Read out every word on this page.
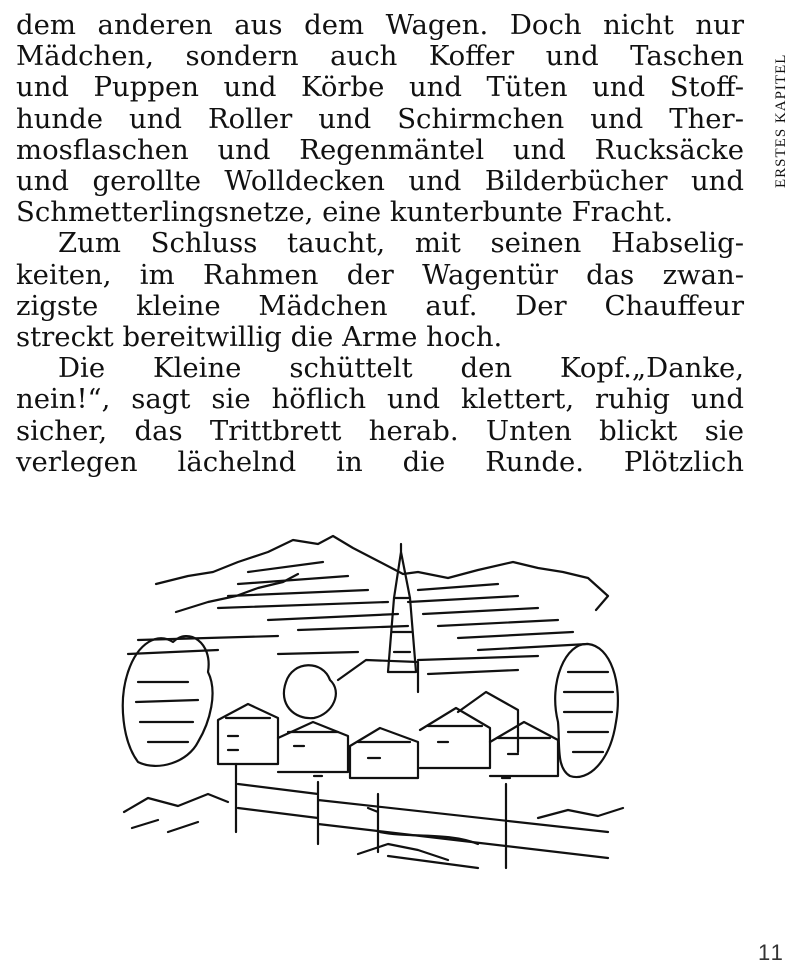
dem anderen aus dem Wagen. Doch nicht nur
Mädchen, sondern auch Koffer und Taschen
und Puppen und Körbe und Tüten und Stoff-
hunde und Roller und Schirmchen und Ther-
mosflaschen und Regenmäntel und Rucksäcke
und gerollte Wolldecken und Bilderbücher und
Schmetterlingsnetze, eine kunterbunte Fracht.
Zum Schluss taucht, mit seinen Habselig-
keiten, im Rahmen der Wagentür das zwan-
zigste kleine Mädchen auf. Der Chauffeur
streckt bereitwillig die Arme hoch.
Die Kleine schüttelt den Kopf.„Danke,
nein!“, sagt sie höflich und klettert, ruhig und
sicher, das Trittbrett herab. Unten blickt sie
verlegen lächelnd in die Runde. Plötzlich
ERSTES KAPITEL
11
